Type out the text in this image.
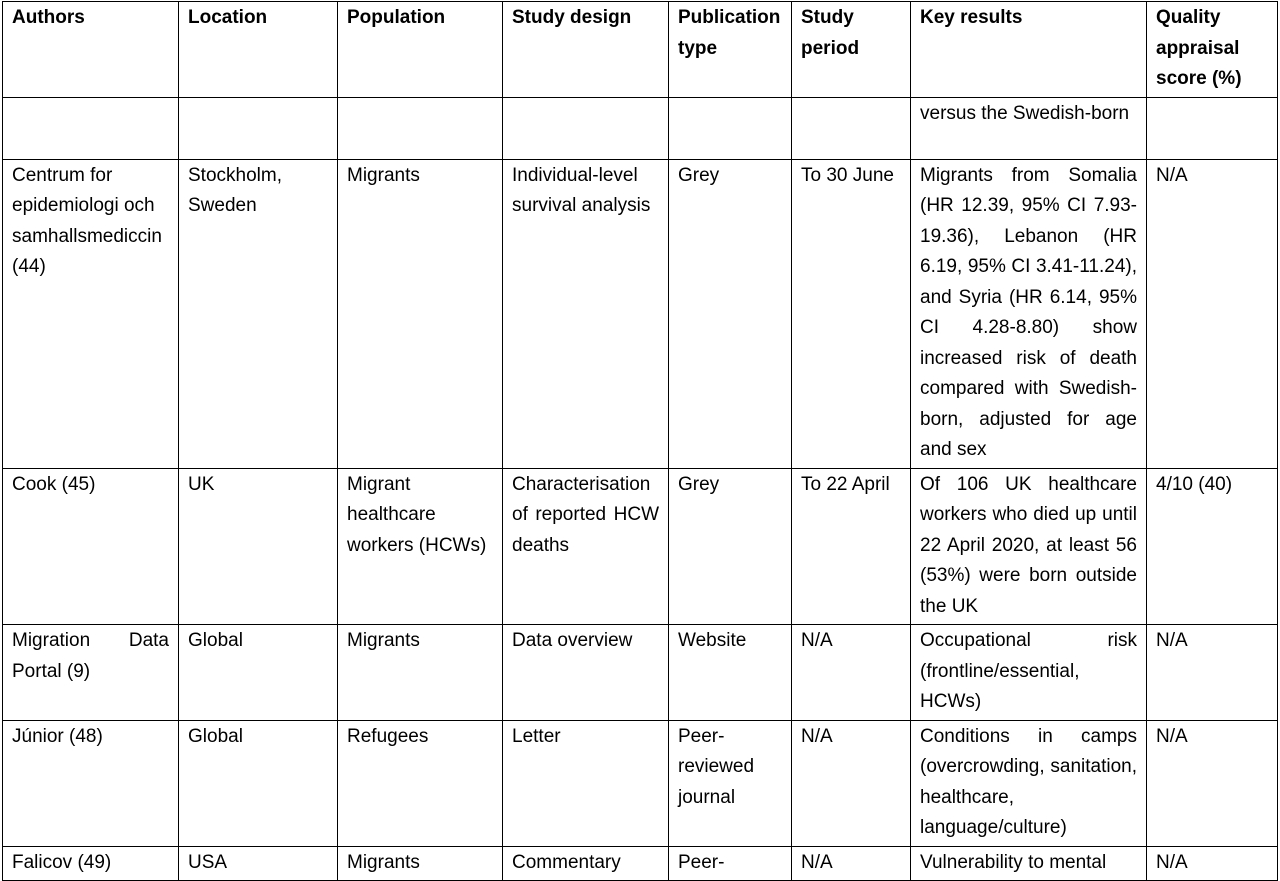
Authors	Location	Population	Study design	Publication type	Study period	Key results	Quality appraisal score (%)
						versus the Swedish-born	
Centrum for epidemiologi och samhallsmediccin (44)	Stockholm, Sweden	Migrants	Individual-level survival analysis	Grey	To 30 June	Migrants from Somalia (HR 12.39, 95% CI 7.93-19.36), Lebanon (HR 6.19, 95% CI 3.41-11.24), and Syria (HR 6.14, 95% CI 4.28-8.80) show increased risk of death compared with Swedish-born, adjusted for age and sex	N/A
Cook (45)	UK	Migrant healthcare workers (HCWs)	Characterisation of reported HCW deaths	Grey	To 22 April	Of 106 UK healthcare workers who died up until 22 April 2020, at least 56 (53%) were born outside the UK	4/10 (40)
Migration Data Portal (9)	Global	Migrants	Data overview	Website	N/A	Occupational risk (frontline/essential, HCWs)	N/A
Júnior (48)	Global	Refugees	Letter	Peer-reviewed journal	N/A	Conditions in camps (overcrowding, sanitation, healthcare, language/culture)	N/A
Falicov (49)	USA	Migrants	Commentary	Peer-	N/A	Vulnerability to mental	N/A
